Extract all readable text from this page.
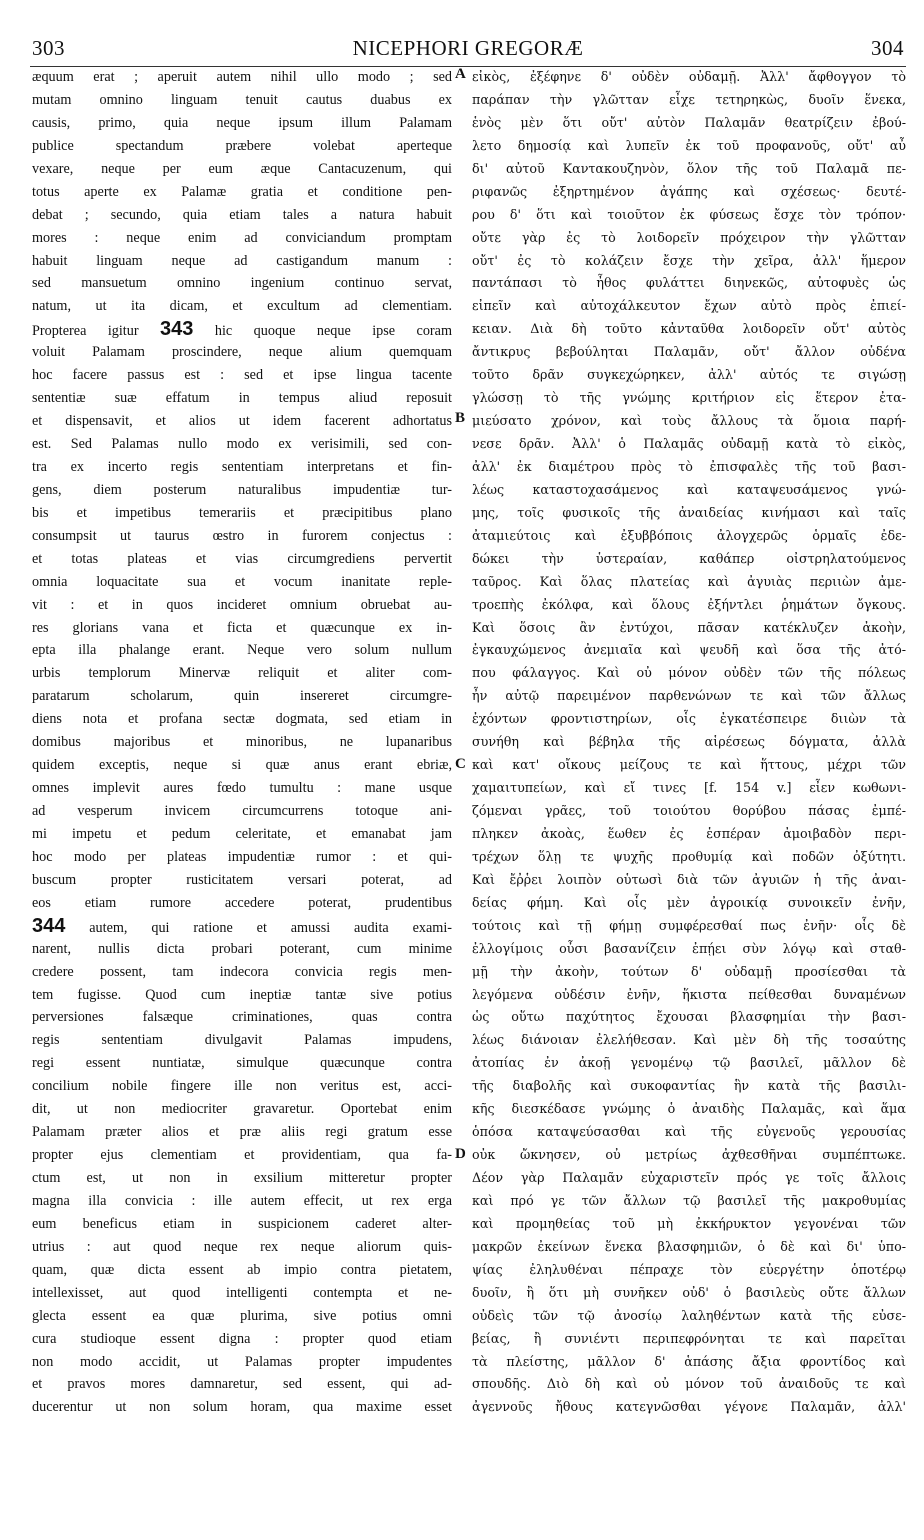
303	NICEPHORI GREGORÆ	304
æquum erat ; aperuit autem nihil ullo modo ; sed
mutam omnino linguam tenuit cautus duabus ex
causis, primo, quia neque ipsum illum Palamam
publice spectandum præbere volebat aperteque
vexare, neque per eum æque Cantacuzenum, qui
totus aperte ex Palamæ gratia et conditione pen-
debat ; secundo, quia etiam tales a natura habuit
mores : neque enim ad conviciandum promptam
habuit linguam neque ad castigandum manum :
sed mansuetum omnino ingenium continuo servat,
natum, ut ita dicam, et excultum ad clementiam.
Propterea igitur 343 hic quoque neque ipse coram
voluit Palamam proscindere, neque alium quemquam
hoc facere passus est : sed et ipse lingua tacente
sententiæ suæ effatum in tempus aliud reposuit
et dispensavit, et alios ut idem facerent adhortatus
est. Sed Palamas nullo modo ex verisimili, sed con-
tra ex incerto regis sententiam interpretans et fin-
gens, diem posterum naturalibus impudentiæ tur-
bis et impetibus temerariis et præcipitibus plano
consumpsit ut taurus œstro in furorem conjectus :
et totas plateas et vias circumgrediens pervertit
omnia loquacitate sua et vocum inanitate reple-
vit : et in quos incideret omnium obruebat au-
res glorians vana et ficta et quæcunque ex in-
epta illa phalange erant. Neque vero solum nullum
urbis templorum Minervæ reliquit et aliter com-
paratarum scholarum, quin insereret circumgre-
diens nota et profana sectæ dogmata, sed etiam in
domibus majoribus et minoribus, ne lupanaribus
quidem exceptis, neque si quæ anus erant ebriæ,
omnes implevit aures fœdo tumultu : mane usque
ad vesperum invicem circumcurrens totoque ani-
mi impetu et pedum celeritate, et emanabat jam
hoc modo per plateas impudentiæ rumor : et qui-
buscum propter rusticitatem versari poterat, ad
eos etiam rumore accedere poterat, prudentibus
344 autem, qui ratione et amussi audita exami-
narent, nullis dicta probari poterant, cum minime
credere possent, tam indecora convicia regis men-
tem fugisse. Quod cum ineptiæ tantæ sive potius
perversiones falsæque criminationes, quas contra
regis sententiam divulgavit Palamas impudens,
regi essent nuntiatæ, simulque quæcunque contra
concilium nobile fingere ille non veritus est, acci-
dit, ut non mediocriter gravaretur. Oportebat enim
Palamam præter alios et præ aliis regi gratum esse
propter ejus clementiam et providentiam, qua fa-
ctum est, ut non in exsilium mitteretur propter
magna illa convicia : ille autem effecit, ut rex erga
eum beneficus etiam in suspicionem caderet alter-
utrius : aut quod neque rex neque aliorum quis-
quam, quæ dicta essent ab impio contra pietatem,
intellexisset, aut quod intelligenti contempta et ne-
glecta essent ea quæ plurima, sive potius omni
cura studioque essent digna : propter quod etiam
non modo accidit, ut Palamas propter impudentes
et pravos mores damnaretur, sed essent, qui ad-
ducerentur ut non solum horam, qua maxime esset
εἰκὸς, ἐξέφηνε δ' οὐδὲν οὐδαμῇ. Ἀλλ' ἄφθογγον τὸ
παράπαν τὴν γλῶτταν εἶχε τετηρηκὼς, δυοῖν ἕνεκα,
ἑνὸς μὲν ὅτι οὔτ' αὐτὸν Παλαμᾶν θεατρίζειν ἐβού-
λετο δημοσίᾳ καὶ λυπεῖν ἐκ τοῦ προφανοῦς, οὔτ' αὖ
δι' αὐτοῦ Καντακουζηνὸν, ὅλον τῆς τοῦ Παλαμᾶ πε-
ριφανῶς ἐξηρτημένον ἀγάπης καὶ σχέσεως· δευτέ-
ρου δ' ὅτι καὶ τοιοῦτον ἐκ φύσεως ἔσχε τὸν τρόπον·
οὔτε γὰρ ἐς τὸ λοιδορεῖν πρόχειρον τὴν γλῶτταν
οὔτ' ἐς τὸ κολάζειν ἔσχε τὴν χεῖρα, ἀλλ' ἥμερον
παντάπασι τὸ ἦθος φυλάττει διηνεκῶς, αὐτοφυὲς ὡς
εἰπεῖν καὶ αὐτοχάλκευτον ἔχων αὐτὸ πρὸς ἐπιεί-
κειαν. Διὰ δὴ τοῦτο κἀνταῦθα λοιδορεῖν οὔτ' αὐτὸς
ἄντικρυς βεβούληται Παλαμᾶν, οὔτ' ἄλλον οὐδένα
τοῦτο δρᾶν συγκεχώρηκεν, ἀλλ' αὐτός τε σιγώσῃ
γλώσσῃ τὸ τῆς γνώμης κριτήριον εἰς ἕτερον ἐτα-
μιεύσατο χρόνον, καὶ τοὺς ἄλλους τὰ ὅμοια παρή-
νεσε δρᾶν. Ἀλλ' ὁ Παλαμᾶς οὐδαμῇ κατὰ τὸ εἰκὸς,
ἀλλ' ἐκ διαμέτρου πρὸς τὸ ἐπισφαλὲς τῆς τοῦ βασι-
λέως καταστοχασάμενος καὶ καταψευσάμενος γνώ-
μης, τοῖς φυσικοῖς τῆς ἀναιδείας κινήμασι καὶ ταῖς
ἀταμιεύτοις καὶ ἐξυββόποις ἀλογχερῶς ὁρμαῖς ἐδε-
δώκει τὴν ὑστεραίαν, καθάπερ οἰστρηλατούμενος
ταῦρος. Καὶ ὅλας πλατείας καὶ ἀγυιὰς περιιὼν ἀμε-
τροεπὴς ἐκόλφα, καὶ ὅλους ἐξήντλει ῥημάτων ὄγκους.
Καὶ ὅσοις ἂν ἐντύχοι, πᾶσαν κατέκλυζεν ἀκοὴν,
ἐγκαυχώμενος ἀνεμιαῖα καὶ ψευδῆ καὶ ὅσα τῆς ἀτό-
που φάλαγγος. Καὶ οὐ μόνον οὐδὲν τῶν τῆς πόλεως
ἦν αὐτῷ παρειμένον παρθενώνων τε καὶ τῶν ἄλλως
ἐχόντων φροντιστηρίων, οἷς ἐγκατέσπειρε διιὼν τὰ
συνήθη καὶ βέβηλα τῆς αἱρέσεως δόγματα, ἀλλὰ
καὶ κατ' οἴκους μείζους τε καὶ ἥττους, μέχρι τῶν
χαμαιτυπείων, καὶ εἴ τινες [f. 154 v.] εἶεν κωθωνι-
ζόμεναι γρᾶες, τοῦ τοιούτου θορύβου πάσας ἐμπέ-
πληκεν ἀκοὰς, ἕωθεν ἐς ἑσπέραν ἀμοιβαδὸν περι-
τρέχων ὅλῃ τε ψυχῆς προθυμίᾳ καὶ ποδῶν ὀξύτητι.
Καὶ ἔῤῥει λοιπὸν οὑτωσὶ διὰ τῶν ἀγυιῶν ἡ τῆς ἀναι-
δείας φήμη. Καὶ οἷς μὲν ἀγροικίᾳ συνοικεῖν ἐνῆν,
τούτοις καὶ τῇ φήμῃ συμφέρεσθαί πως ἐνῆν· οἷς δὲ
ἐλλογίμοις οὖσι βασανίζειν ἐπῄει σὺν λόγῳ καὶ σταθ-
μῇ τὴν ἀκοὴν, τούτων δ' οὐδαμῇ προσίεσθαι τὰ
λεγόμενα οὐδέσιν ἐνῆν, ἥκιστα πείθεσθαι δυναμένων
ὡς οὕτω παχύτητος ἔχουσαι βλασφημίαι τὴν βασι-
λέως διάνοιαν ἐλελήθεσαν. Καὶ μὲν δὴ τῆς τοσαύτης
ἀτοπίας ἐν ἀκοῇ γενομένῳ τῷ βασιλεῖ, μᾶλλον δὲ
τῆς διαβολῆς καὶ συκοφαντίας ἣν κατὰ τῆς βασιλι-
κῆς διεσκέδασε γνώμης ὁ ἀναιδὴς Παλαμᾶς, καὶ ἅμα
ὁπόσα καταψεύσασθαι καὶ τῆς εὐγενοῦς γερουσίας
οὐκ ὤκνησεν, οὐ μετρίως ἀχθεσθῆναι συμπέπτωκε.
Δέον γὰρ Παλαμᾶν εὐχαριστεῖν πρός γε τοῖς ἄλλοις
καὶ πρό γε τῶν ἄλλων τῷ βασιλεῖ τῆς μακροθυμίας
καὶ προμηθείας τοῦ μὴ ἐκκήρυκτον γεγονέναι τῶν
μακρῶν ἐκείνων ἕνεκα βλασφημιῶν, ὁ δὲ καὶ δι' ὑπο-
ψίας ἐληλυθέναι πέπραχε τὸν εὐεργέτην ὁποτέρῳ
δυοῖν, ἢ ὅτι μὴ συνῆκεν οὐδ' ὁ βασιλεὺς οὔτε ἄλλων
οὐδεὶς τῶν τῷ ἀνοσίῳ λαληθέντων κατὰ τῆς εὐσε-
βείας, ἢ συνιέντι περιπεφρόνηται τε καὶ παρεῖται
τὰ πλείστης, μᾶλλον δ' ἁπάσης ἄξια φροντίδος καὶ
σπουδῆς. Διὸ δὴ καὶ οὐ μόνον τοῦ ἀναιδοῦς τε καὶ
ἀγεννοῦς ἤθους κατεγνῶσθαι γέγονε Παλαμᾶν, ἀλλ'
A
B
C
D
